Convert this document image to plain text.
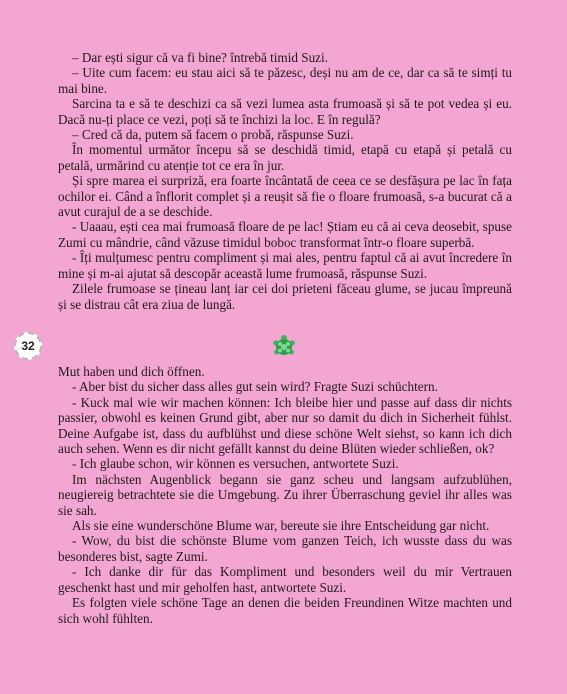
– Dar ești sigur că va fi bine? întrebă timid Suzi.

– Uite cum facem: eu stau aici să te păzesc, deși nu am de ce, dar ca să te simți tu mai bine.

Sarcina ta e să te deschizi ca să vezi lumea asta frumoasă și să te pot vedea și eu. Dacă nu-ți place ce vezi, poți să te închizi la loc. E în regulă?

– Cred că da, putem să facem o probă, răspunse Suzi.

În momentul următor începu să se deschidă timid, etapă cu etapă și petală cu petală, urmărind cu atenție tot ce era în jur.

Și spre marea ei surpriză, era foarte încântată de ceea ce se desfășura pe lac în fața ochilor ei. Când a înflorit complet și a reușit să fie o floare frumoasă, s-a bucurat că a avut curajul de a se deschide.

- Uaaau, ești cea mai frumoasă floare de pe lac! Știam eu că ai ceva deosebit, spuse Zumi cu mândrie, când văzuse timidul boboc transformat într-o floare superbă.

- Îți mulțumesc pentru compliment și mai ales, pentru faptul că ai avut încredere în mine și m-ai ajutat să descopăr această lume frumoasă, răspunse Suzi.

Zilele frumoase se țineau lanț iar cei doi prieteni făceau glume, se jucau împreună și se distrau cât era ziua de lungă.

32

Mut haben und dich öffnen.

- Aber bist du sicher dass alles gut sein wird? Fragte Suzi schüchtern.

- Kuck mal wie wir machen können: Ich bleibe hier und passe auf dass dir nichts passier, obwohl es keinen Grund gibt, aber nur so damit du dich in Sicherheit fühlst. Deine Aufgabe ist, dass du aufblühst und diese schöne Welt siehst, so kann ich dich auch sehen. Wenn es dir nicht gefällt kannst du deine Blüten wieder schließen, ok?

- Ich glaube schon, wir können es versuchen, antwortete Suzi.

Im nächsten Augenblick begann sie ganz scheu und langsam aufzublühen, neugiereig betrachtete sie die Umgebung. Zu ihrer Überraschung geviel ihr alles was sie sah.

Als sie eine wunderschöne Blume war, bereute sie ihre Entscheidung gar nicht.

- Wow, du bist die schönste Blume vom ganzen Teich, ich wusste dass du was besonderes bist, sagte Zumi.

- Ich danke dir für das Kompliment und besonders weil du mir Vertrauen geschenkt hast und mir geholfen hast, antwortete Suzi.

Es folgten viele schöne Tage an denen die beiden Freundinen Witze machten und sich wohl fühlten.
